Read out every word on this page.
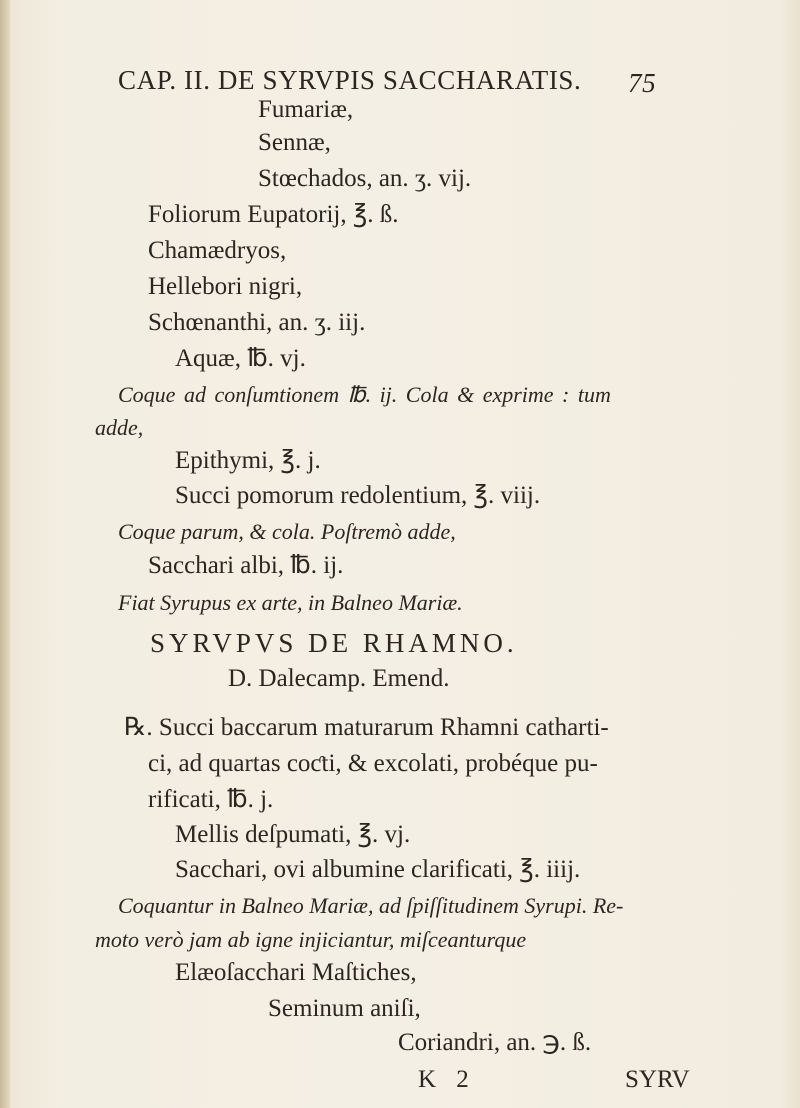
CAP. II. DE SYRVPIS SACCHARATIS. 75
Fumariæ,
Sennæ,
Stœchados, an. ʒ. vij.
Foliorum Eupatorij, ℥. ß.
Chamædryos,
Hellebori nigri,
Schœnanthi, an. ʒ. iij.
Aquæ, ℔. vj.
Coque ad conſumtionem ℔. ij. Cola & exprime : tum
adde,
Epithymi, ℥. j.
Succi pomorum redolentium, ℥. viij.
Coque parum, & cola. Poſtremò adde,
Sacchari albi, ℔. ij.
Fiat Syrupus ex arte, in Balneo Mariæ.
SYRVPVS DE RHAMNO.
D. Dalecamp. Emend.
℞. Succi baccarum maturarum Rhamni catharti-
ci, ad quartas coƈti, & excolati, probéque pu-
rificati, ℔. j.
Mellis deſpumati, ℥. vj.
Sacchari, ovi albumine clarificati, ℥. iiij.
Coquantur in Balneo Mariæ, ad ſpiſſitudinem Syrupi. Re-
moto verò jam ab igne injiciantur, miſceanturque
Elæoſacchari Maſtiches,
Seminum aniſi,
Coriandri, an. ℈. ß.
K 2	SYRV
